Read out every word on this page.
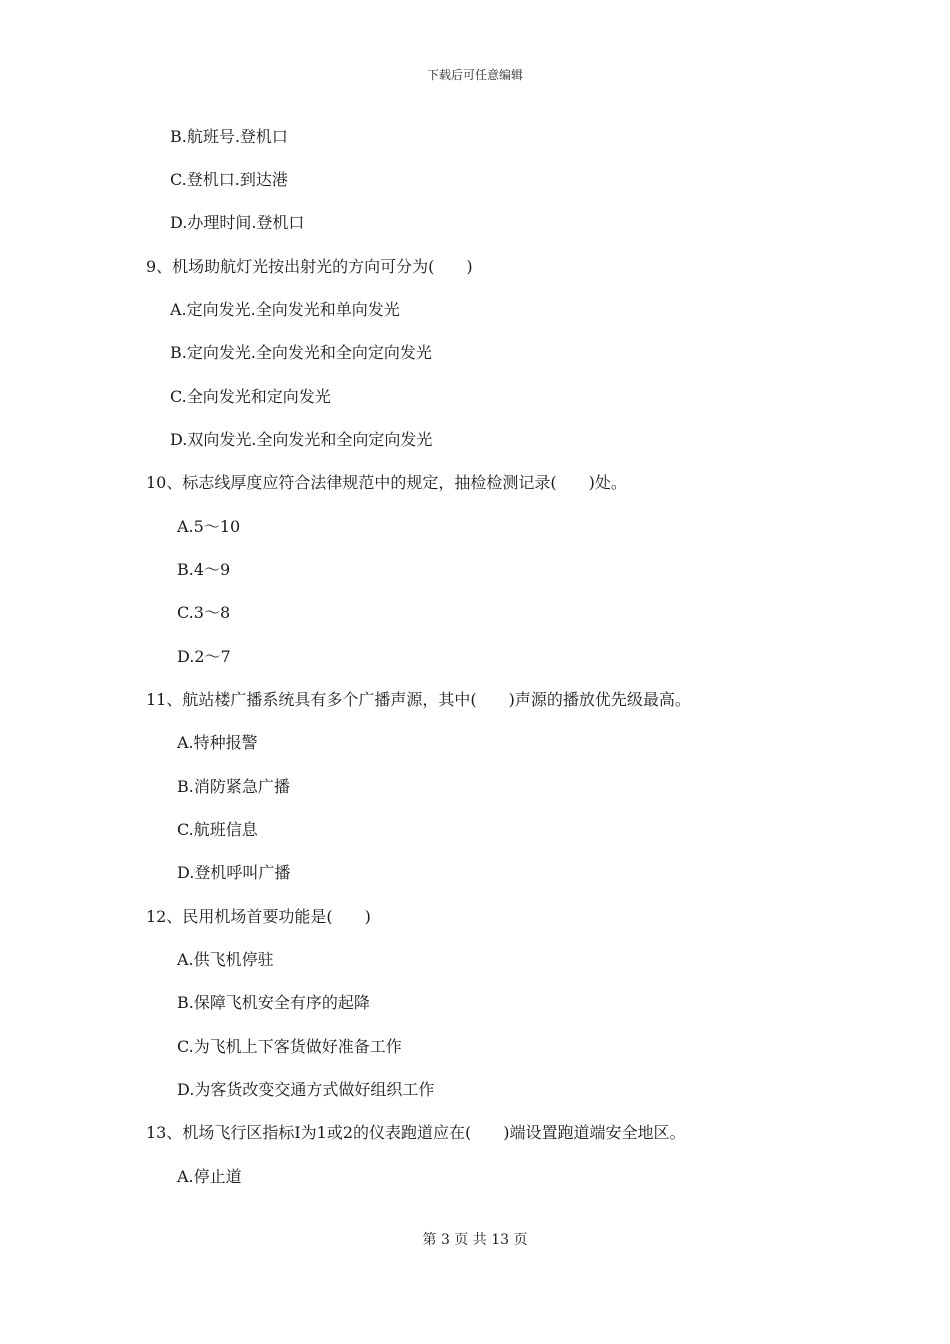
下载后可任意编辑
B.航班号.登机口
C.登机口.到达港
D.办理时间.登机口
9、机场助航灯光按出射光的方向可分为(　　)
A.定向发光.全向发光和单向发光
B.定向发光.全向发光和全向定向发光
C.全向发光和定向发光
D.双向发光.全向发光和全向定向发光
10、标志线厚度应符合法律规范中的规定，抽检检测记录(　　)处。
A.5～10
B.4～9
C.3～8
D.2～7
11、航站楼广播系统具有多个广播声源，其中(　　)声源的播放优先级最高。
A.特种报警
B.消防紧急广播
C.航班信息
D.登机呼叫广播
12、民用机场首要功能是(　　)
A.供飞机停驻
B.保障飞机安全有序的起降
C.为飞机上下客货做好准备工作
D.为客货改变交通方式做好组织工作
13、机场飞行区指标I为1或2的仪表跑道应在(　　)端设置跑道端安全地区。
A.停止道
第 3 页 共 13 页
